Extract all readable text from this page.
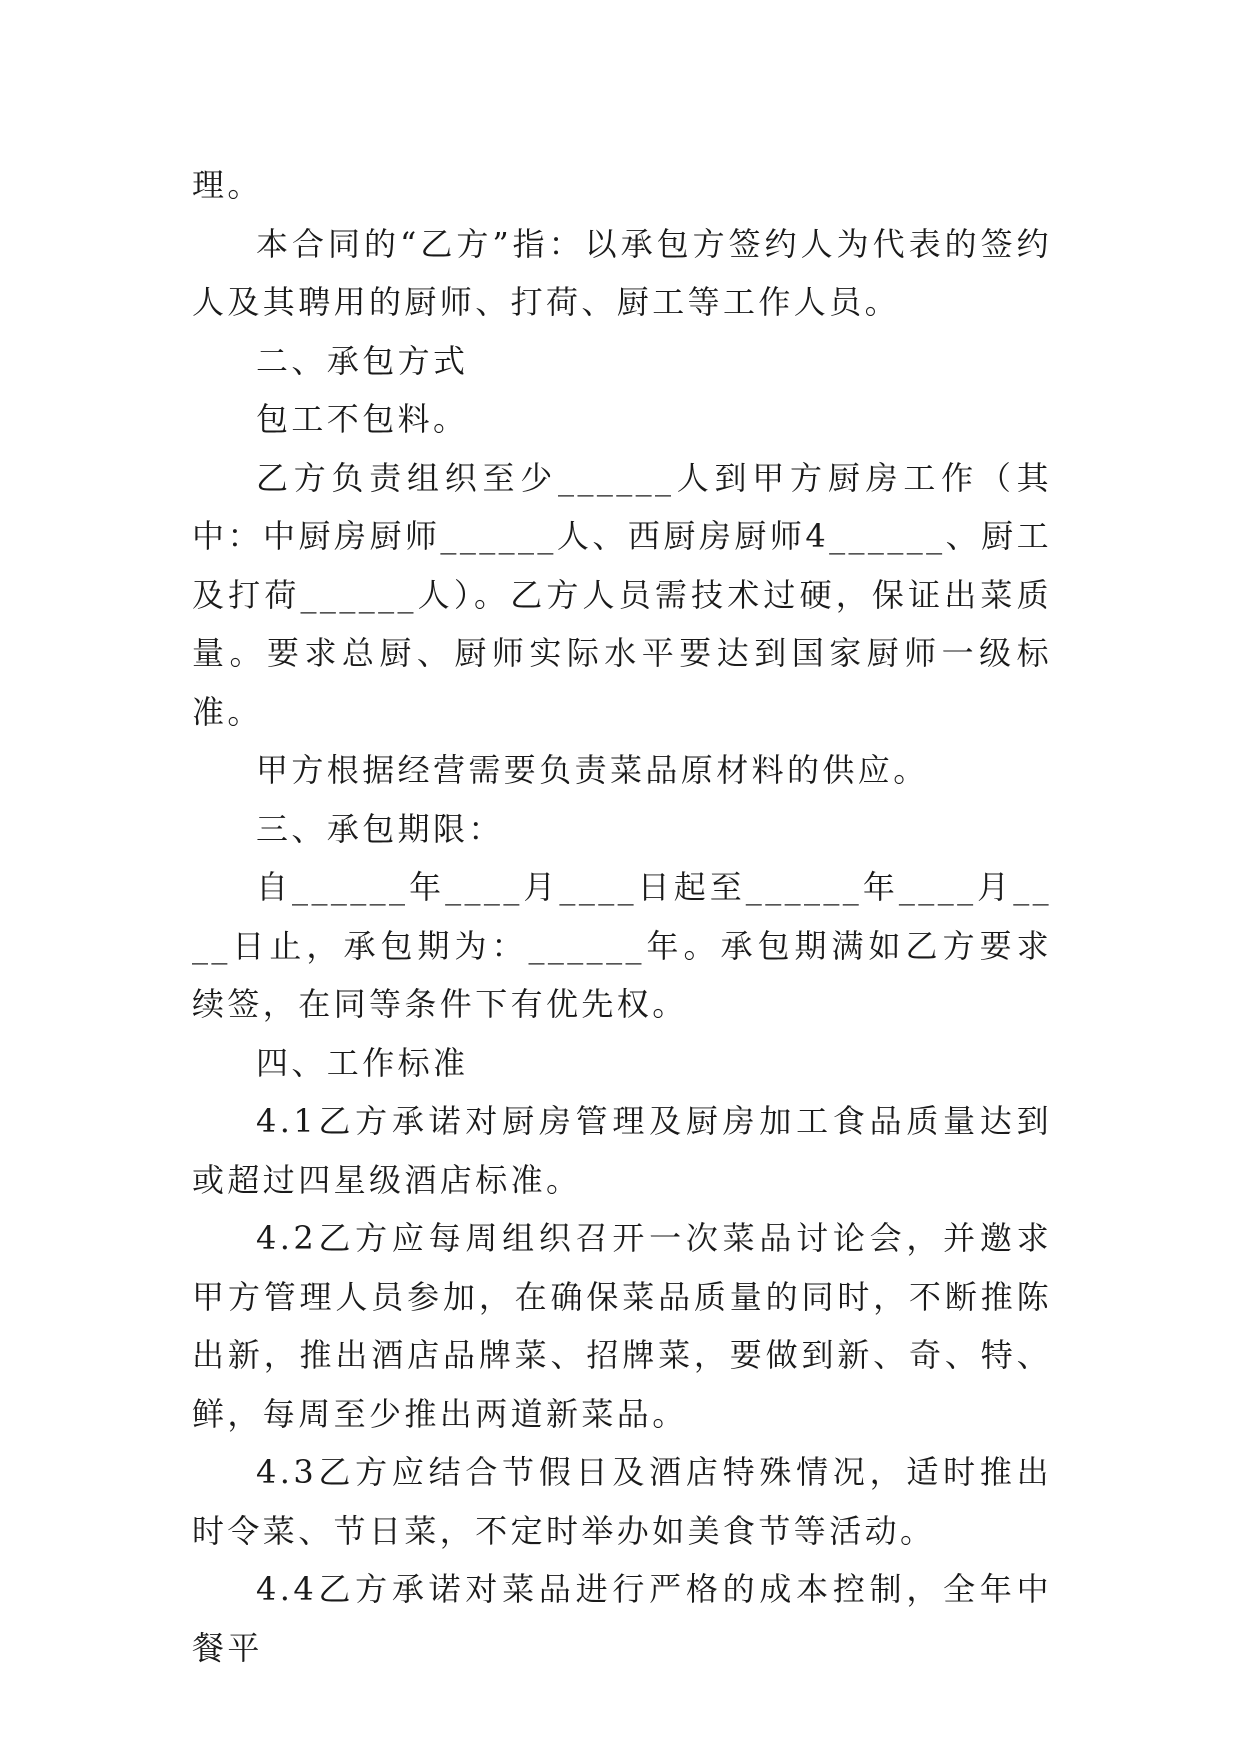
理。

本合同的“乙方”指：以承包方签约人为代表的签约人及其聘用的厨师、打荷、厨工等工作人员。

二、承包方式

包工不包料。

乙方负责组织至少______人到甲方厨房工作（其中：中厨房厨师______人、西厨房厨师4______、厨工及打荷______人）。乙方人员需技术过硬，保证出菜质量。要求总厨、厨师实际水平要达到国家厨师一级标准。

甲方根据经营需要负责菜品原材料的供应。

三、承包期限：

自______年____月____日起至______年____月____日止，承包期为：______年。承包期满如乙方要求续签，在同等条件下有优先权。

四、工作标准

4.1乙方承诺对厨房管理及厨房加工食品质量达到或超过四星级酒店标准。

4.2乙方应每周组织召开一次菜品讨论会，并邀求甲方管理人员参加，在确保菜品质量的同时，不断推陈出新，推出酒店品牌菜、招牌菜，要做到新、奇、特、鲜，每周至少推出两道新菜品。

4.3乙方应结合节假日及酒店特殊情况，适时推出时令菜、节日菜，不定时举办如美食节等活动。

4.4乙方承诺对菜品进行严格的成本控制，全年中餐平
